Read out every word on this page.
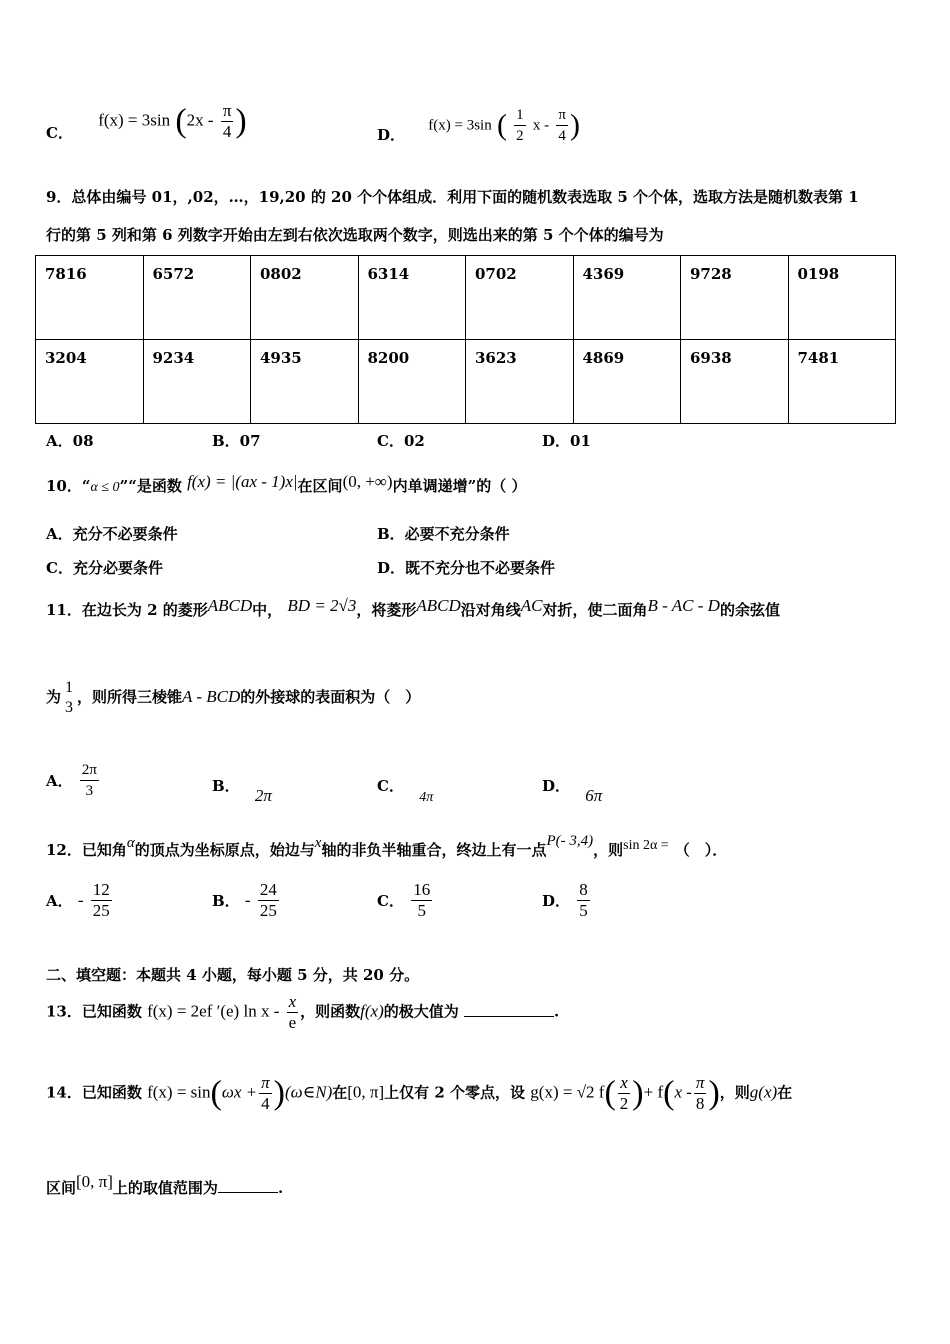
C． f(x) = 3sin ($2x - \frac{\pi}{4}$ )	D． f(x) = 3sin ( $\frac{1}{2}$ x - $\frac{\pi}{4}$ )
9．总体由编号 01，,02，…，19,20 的 20 个个体组成．利用下面的随机数表选取 5 个个体，选取方法是随机数表第 1
行的第 5 列和第 6 列数字开始由左到右依次选取两个数字，则选出来的第 5 个个体的编号为
7816	6572	0802	6314	0702	4369	9728	0198
3204	9234	4935	8200	3623	4869	6938	7481
A．08	B．07	C．02	D．01
10．“α ≤ 0”“是函数 f(x) = |(ax - 1)x|在区间(0, +∞)内单调递增”的（ ）
A．充分不必要条件	B．必要不充分条件
C．充分必要条件	D．既不充分也不必要条件
11．在边长为 2 的菱形ABCD中， BD = 2√3，将菱形ABCD沿对角线AC对折，使二面角B - AC - D的余弦值
为
1
3
，则所得三棱锥A - BCD的外接球的表面积为（　）
A． $\frac{2\pi}{3}$	B． 2π	C． 4π
D． 6π
12．已知角α的顶点为坐标原点，始边与x轴的非负半轴重合，终边上有一点P(- 3,4)，则sin 2α = （　）．
A． - $\frac{12}{25}$	B． - $\frac{24}{25}$	C． $\frac{16}{5}$	D． $\frac{8}{5}$
二、填空题：本题共 4 小题，每小题 5 分，共 20 分。
13．已知函数 f(x) = 2ef ′(e) ln x - $\frac{x}{e}$ ，则函数f(x)的极大值为	.
14．已知函数 $f(x) = \sin(\omega x + \frac{\pi}{4}$ )(ω∈N)在[0, π]上仅有 2 个零点，设 g(x) = √2 $f( \frac{x}{2}$ )+ $f(x - \frac{\pi}{8}$ )，则g(x)在
区间[0, π]上的取值范围为	.
